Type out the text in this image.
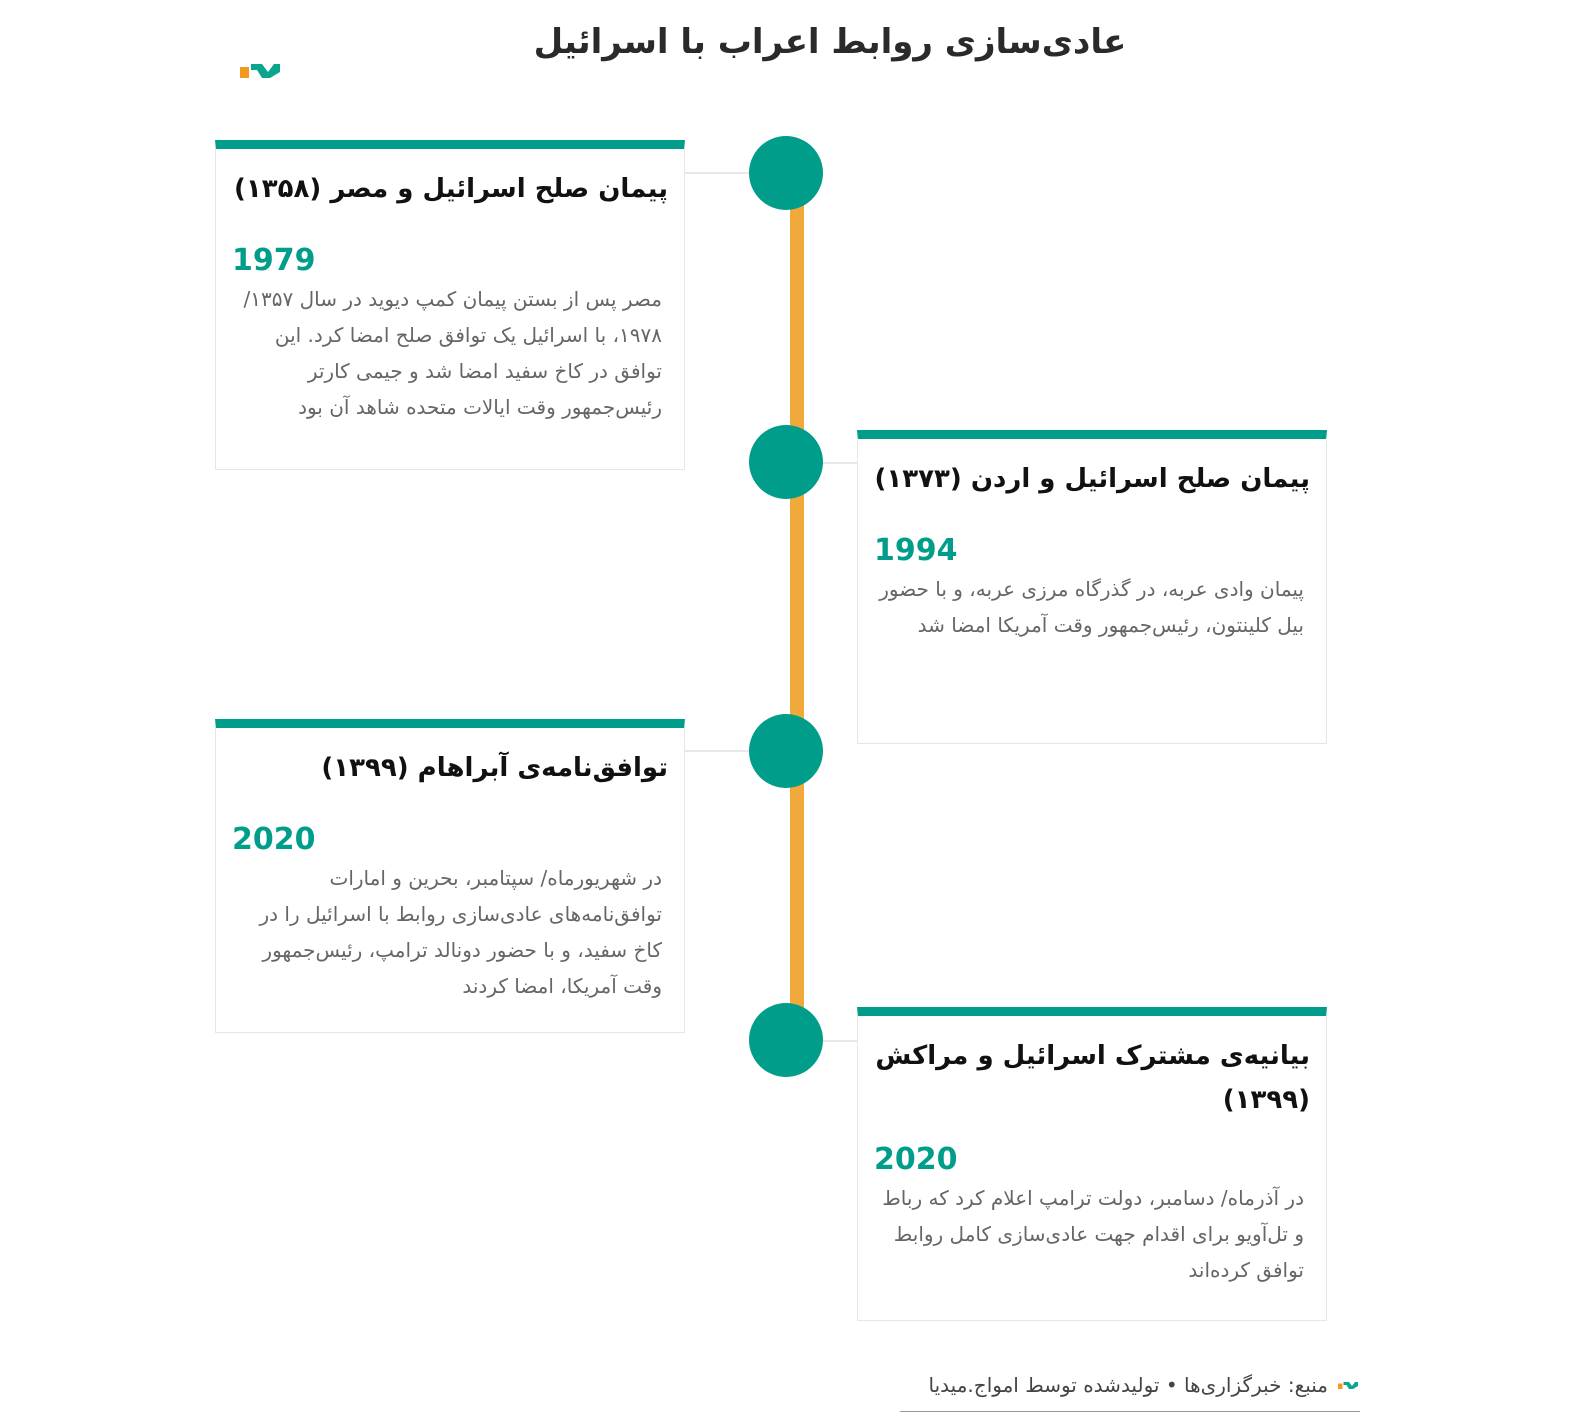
عادی‌سازی روابط اعراب با اسرائیل
پیمان صلح اسرائیل و مصر (۱۳۵۸)
1979
مصر پس از بستن پیمان کمپ دیوید در سال ۱۳۵۷/ ۱۹۷۸، با اسرائیل یک توافق صلح امضا کرد. این توافق در کاخ سفید امضا شد و جیمی کارتر رئیس‌جمهور وقت ایالات متحده شاهد آن بود
پیمان صلح اسرائیل و اردن (۱۳۷۳)
1994
پیمان وادی عربه، در گذرگاه مرزی عربه، و با حضور بیل کلینتون، رئیس‌جمهور وقت آمریکا امضا شد
توافق‌نامه‌ی آبراهام (۱۳۹۹)
2020
در شهریورماه/ سپتامبر، بحرین و امارات توافق‌نامه‌های عادی‌سازی روابط با اسرائیل را در کاخ سفید، و با حضور دونالد ترامپ، رئیس‌جمهور وقت آمریکا، امضا کردند
بیانیه‌ی مشترک اسرائیل و مراکش (۱۳۹۹)
2020
در آذرماه/ دسامبر، دولت ترامپ اعلام کرد که رباط و تل‌آویو برای اقدام جهت عادی‌سازی کامل روابط توافق کرده‌اند
منبع: خبرگزاری‌ها • تولیدشده توسط امواج.میدیا
